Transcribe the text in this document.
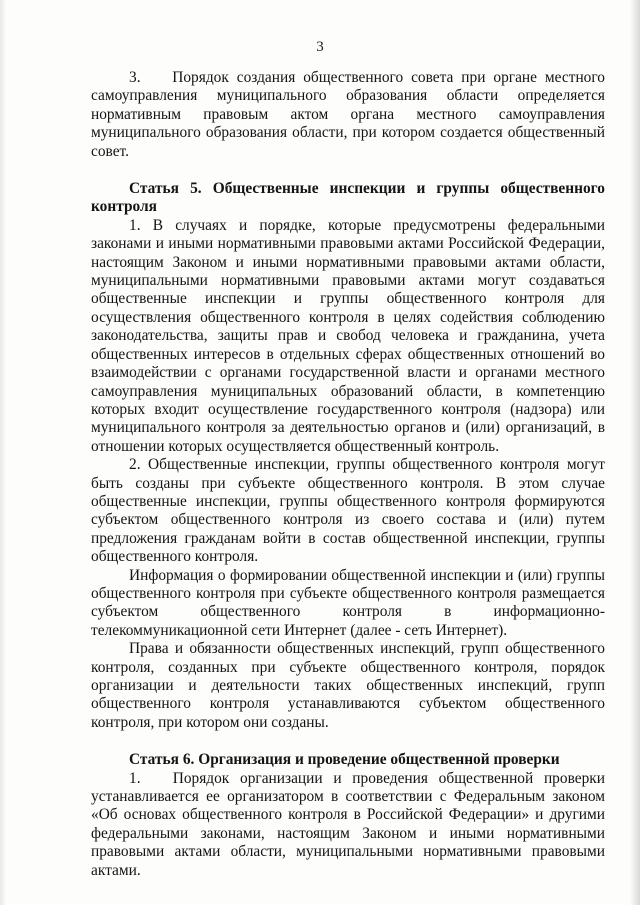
3

3.    Порядок создания общественного совета при органе местного самоуправления муниципального образования области определяется нормативным правовым актом органа местного самоуправления муниципального образования области, при котором создается общественный совет.

Статья 5. Общественные инспекции и группы общественного контроля

1. В случаях и порядке, которые предусмотрены федеральными законами и иными нормативными правовыми актами Российской Федерации, настоящим Законом и иными нормативными правовыми актами области, муниципальными нормативными правовыми актами могут создаваться общественные инспекции и группы общественного контроля для осуществления общественного контроля в целях содействия соблюдению законодательства, защиты прав и свобод человека и гражданина, учета общественных интересов в отдельных сферах общественных отношений во взаимодействии с органами государственной власти и органами местного самоуправления муниципальных образований области, в компетенцию которых входит осуществление государственного контроля (надзора) или муниципального контроля за деятельностью органов и (или) организаций, в отношении которых осуществляется общественный контроль.

2. Общественные инспекции, группы общественного контроля могут быть созданы при субъекте общественного контроля. В этом случае общественные инспекции, группы общественного контроля формируются субъектом общественного контроля из своего состава и (или) путем предложения гражданам войти в состав общественной инспекции, группы общественного контроля.

Информация о формировании общественной инспекции и (или) группы общественного контроля при субъекте общественного контроля размещается субъектом общественного контроля в информационно-телекоммуникационной сети Интернет (далее - сеть Интернет).

Права и обязанности общественных инспекций, групп общественного контроля, созданных при субъекте общественного контроля, порядок организации и деятельности таких общественных инспекций, групп общественного контроля устанавливаются субъектом общественного контроля, при котором они созданы.

Статья 6. Организация и проведение общественной проверки

1.   Порядок организации и проведения общественной проверки устанавливается ее организатором в соответствии с Федеральным законом «Об основах общественного контроля в Российской Федерации» и другими федеральными законами, настоящим Законом и иными нормативными правовыми актами области, муниципальными нормативными правовыми актами.
